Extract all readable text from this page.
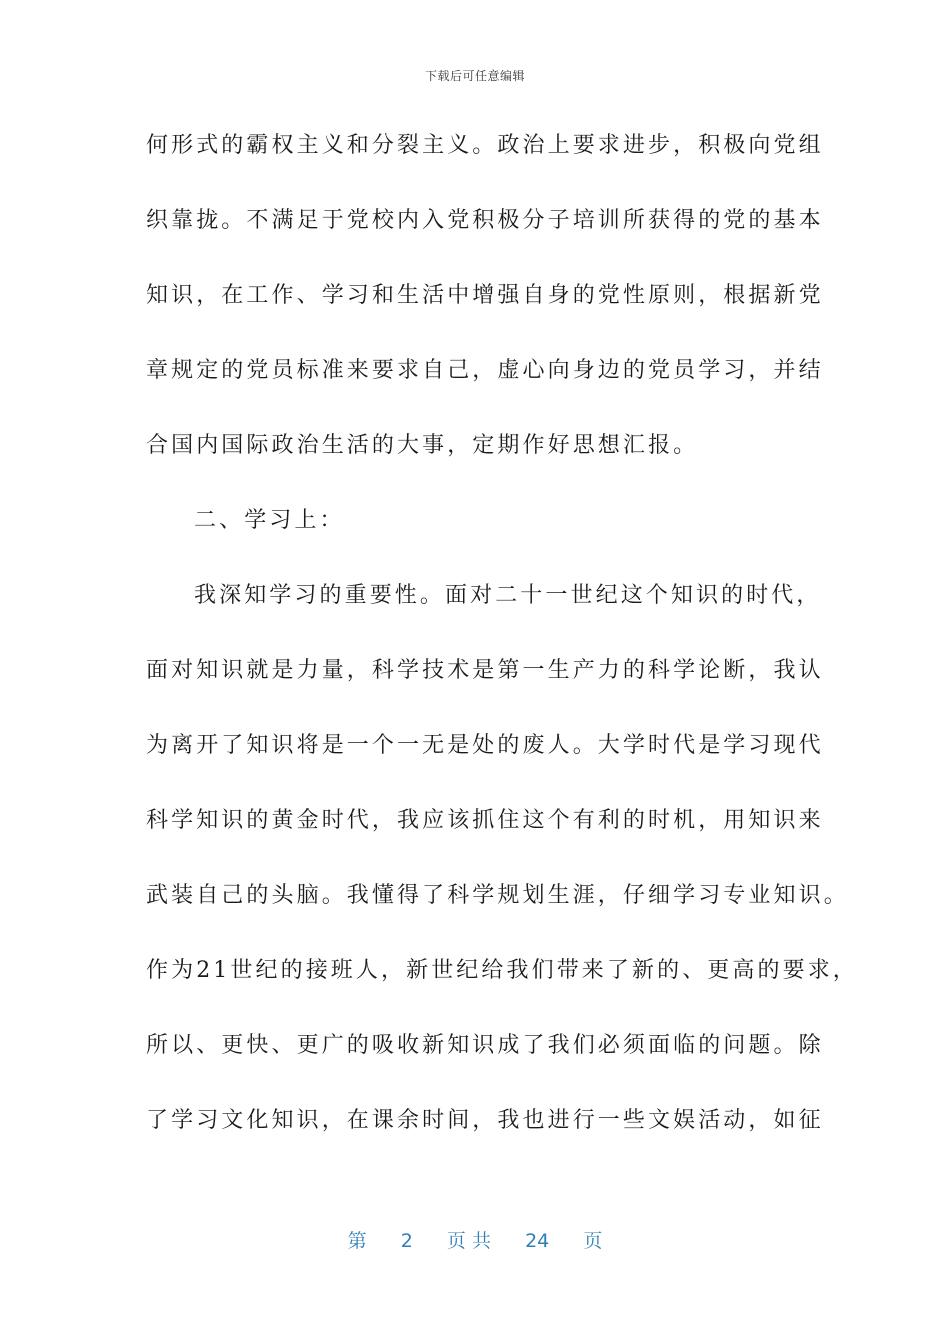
下载后可任意编辑
何形式的霸权主义和分裂主义。政治上要求进步，积极向党组
织靠拢。不满足于党校内入党积极分子培训所获得的党的基本
知识，在工作、学习和生活中增强自身的党性原则，根据新党
章规定的党员标准来要求自己，虚心向身边的党员学习，并结
合国内国际政治生活的大事，定期作好思想汇报。
二、学习上：
我深知学习的重要性。面对二十一世纪这个知识的时代，
面对知识就是力量，科学技术是第一生产力的科学论断，我认
为离开了知识将是一个一无是处的废人。大学时代是学习现代
科学知识的黄金时代，我应该抓住这个有利的时机，用知识来
武装自己的头脑。我懂得了科学规划生涯，仔细学习专业知识。
作为21世纪的接班人，新世纪给我们带来了新的、更高的要求，
所以、更快、更广的吸收新知识成了我们必须面临的问题。除
了学习文化知识，在课余时间，我也进行一些文娱活动，如征
第 2 页 共 24 页
